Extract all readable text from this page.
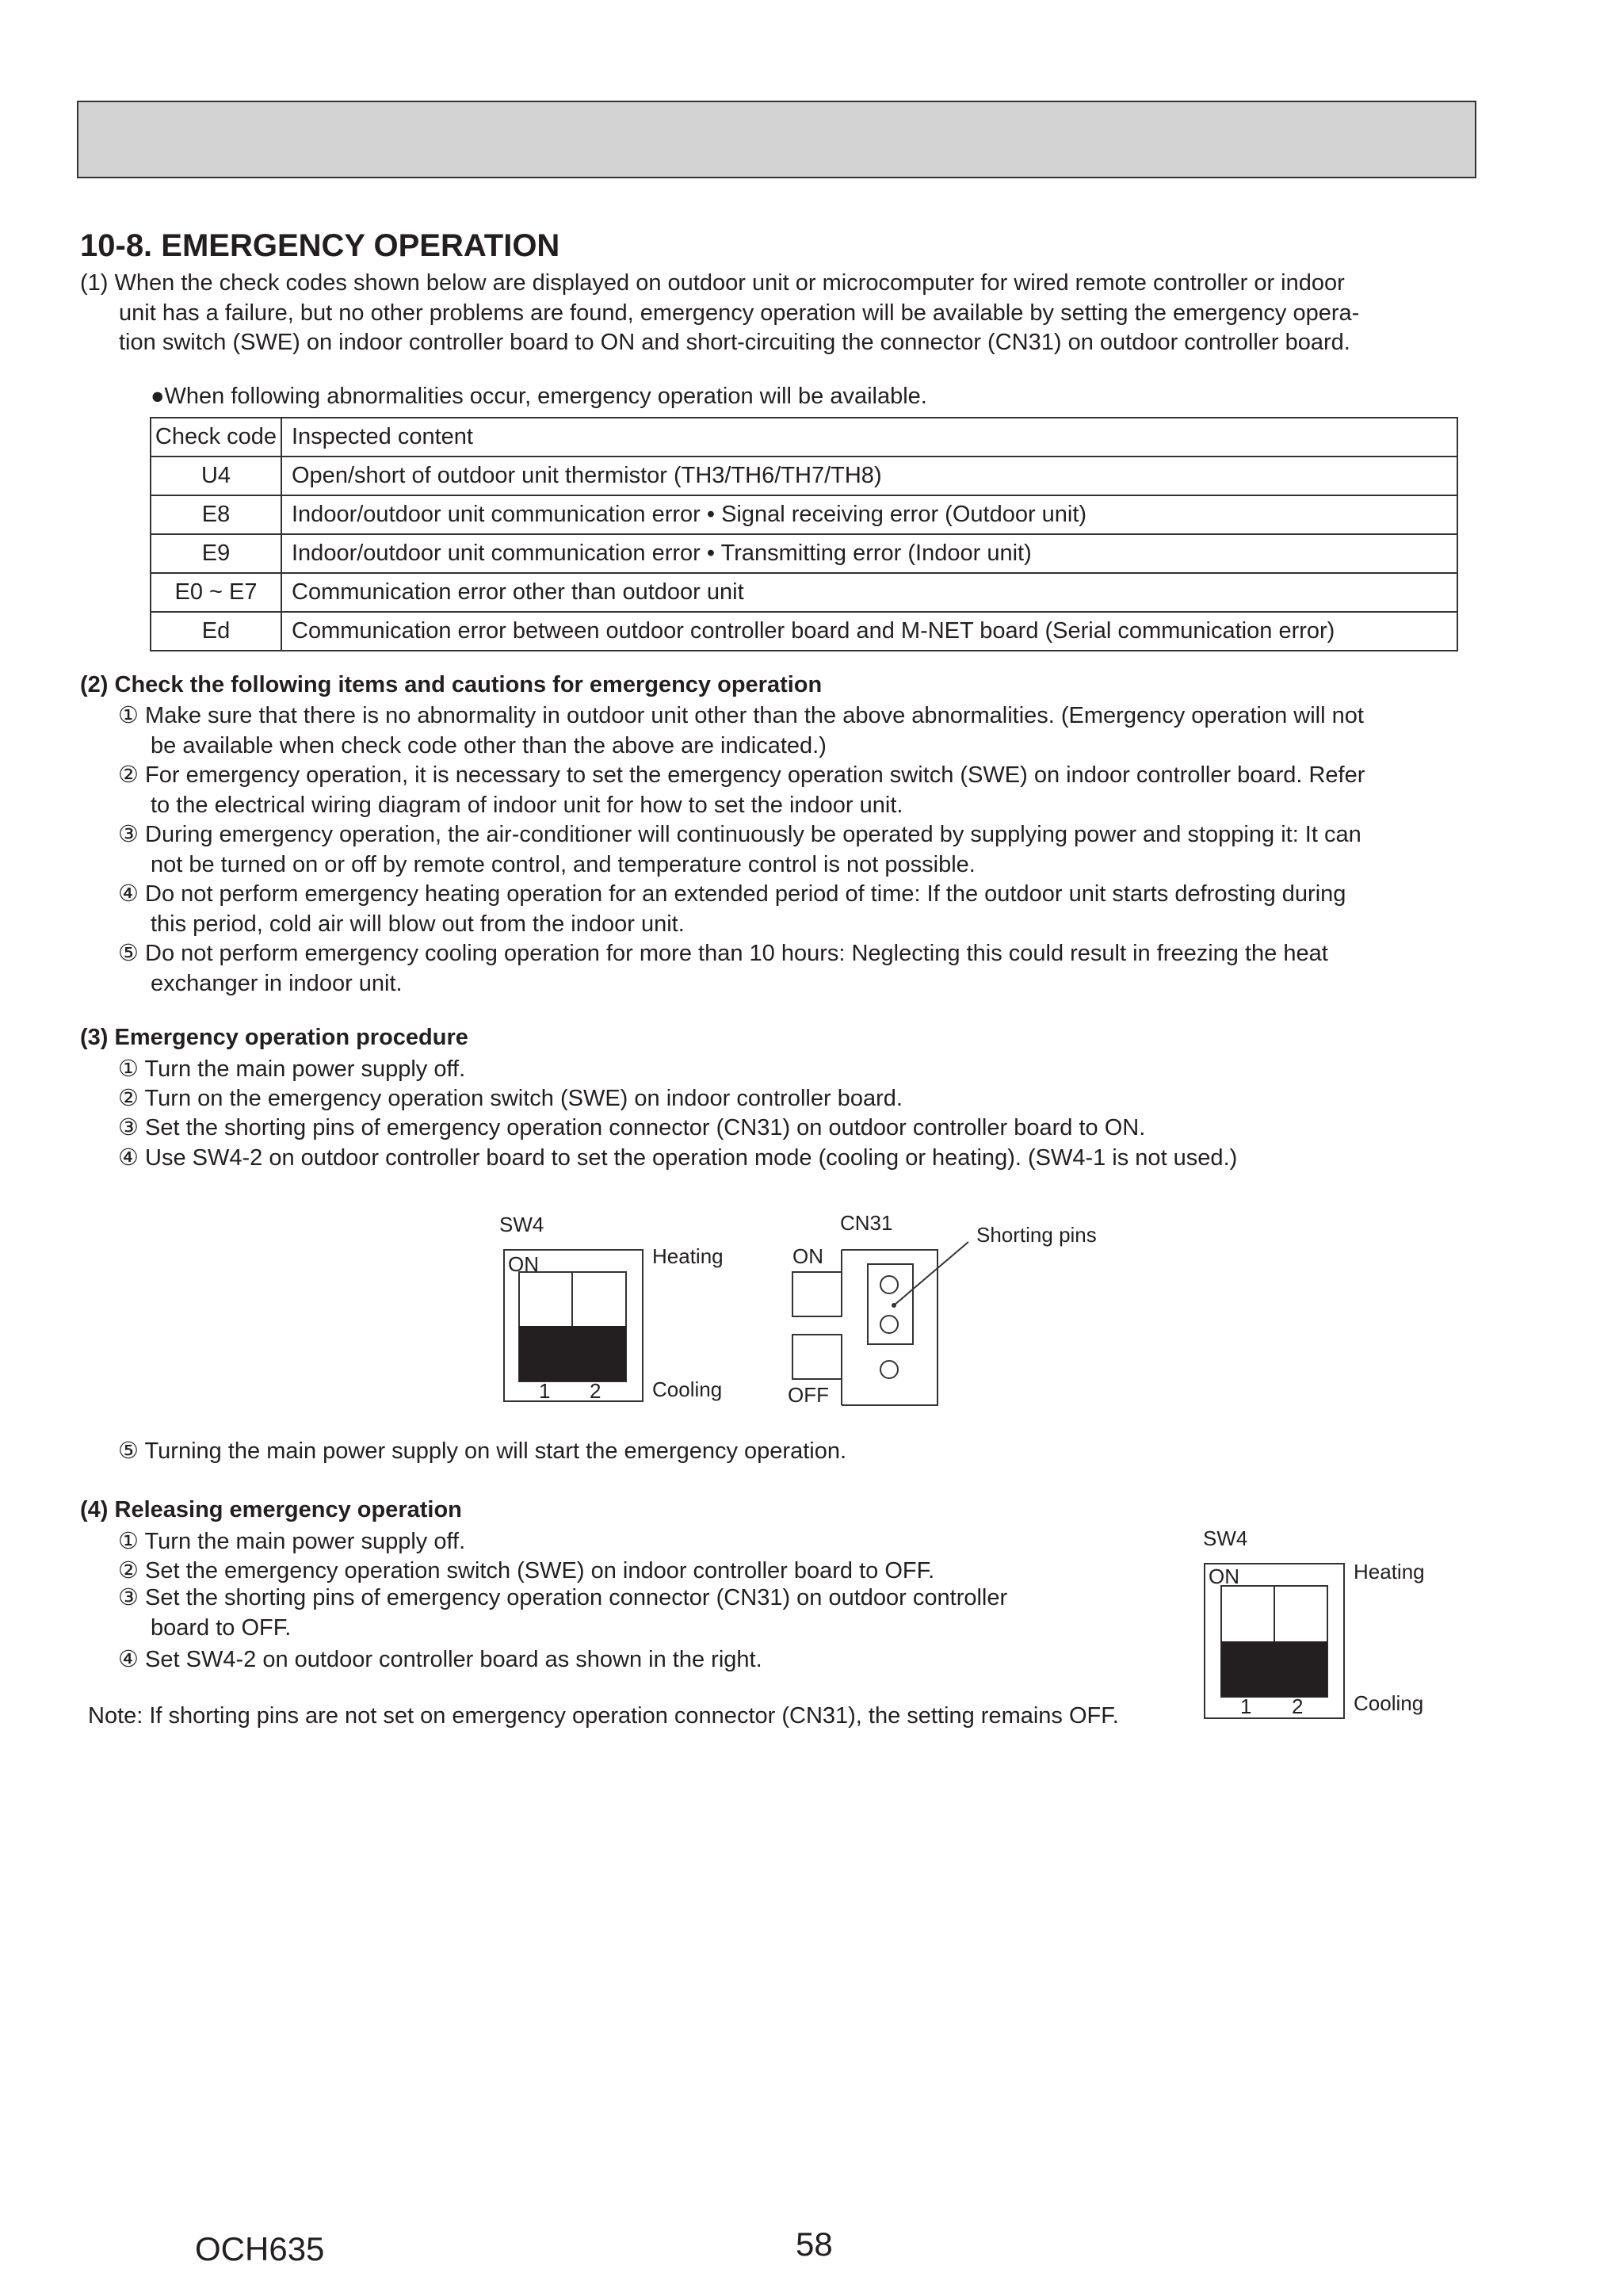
10-8. EMERGENCY OPERATION
(1) When the check codes shown below are displayed on outdoor unit or microcomputer for wired remote controller or indoor
unit has a failure, but no other problems are found, emergency operation will be available by setting the emergency opera-
tion switch (SWE) on indoor controller board to ON and short-circuiting the connector (CN31) on outdoor controller board.
●When following abnormalities occur, emergency operation will be available.
Check code	Inspected content
U4	Open/short of outdoor unit thermistor (TH3/TH6/TH7/TH8)
E8	Indoor/outdoor unit communication error • Signal receiving error (Outdoor unit)
E9	Indoor/outdoor unit communication error • Transmitting error (Indoor unit)
E0 ~ E7	Communication error other than outdoor unit
Ed	Communication error between outdoor controller board and M-NET board (Serial communication error)
(2) Check the following items and cautions for emergency operation
① Make sure that there is no abnormality in outdoor unit other than the above abnormalities. (Emergency operation will not
be available when check code other than the above are indicated.)
② For emergency operation, it is necessary to set the emergency operation switch (SWE) on indoor controller board. Refer
to the electrical wiring diagram of indoor unit for how to set the indoor unit.
③ During emergency operation, the air-conditioner will continuously be operated by supplying power and stopping it: It can
not be turned on or off by remote control, and temperature control is not possible.
④ Do not perform emergency heating operation for an extended period of time: If the outdoor unit starts defrosting during
this period, cold air will blow out from the indoor unit.
⑤ Do not perform emergency cooling operation for more than 10 hours: Neglecting this could result in freezing the heat
exchanger in indoor unit.
(3) Emergency operation procedure
① Turn the main power supply off.
② Turn on the emergency operation switch (SWE) on indoor controller board.
③ Set the shorting pins of emergency operation connector (CN31) on outdoor controller board to ON.
④ Use SW4-2 on outdoor controller board to set the operation mode (cooling or heating). (SW4-1 is not used.)
SW4
ON	Heating
Cooling
1 2
CN31
ON
OFF
Shorting pins
SW4
ON	Heating
Cooling
1 2
⑤ Turning the main power supply on will start the emergency operation.
(4) Releasing emergency operation
① Turn the main power supply off.
② Set the emergency operation switch (SWE) on indoor controller board to OFF.
③ Set the shorting pins of emergency operation connector (CN31) on outdoor controller
board to OFF.
④ Set SW4-2 on outdoor controller board as shown in the right.
Note: If shorting pins are not set on emergency operation connector (CN31), the setting remains OFF.
OCH635	58
